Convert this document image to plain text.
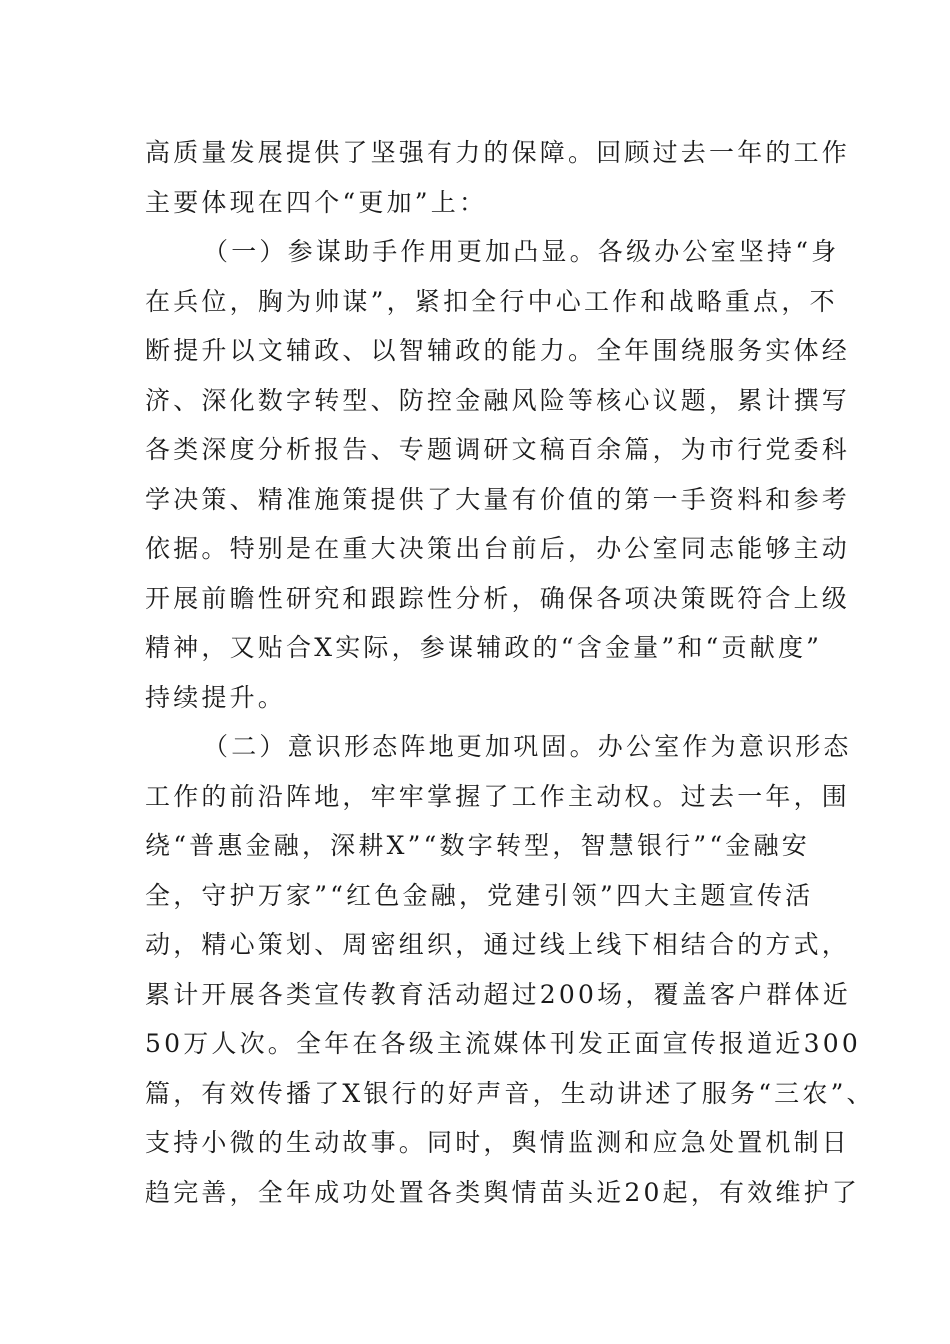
高质量发展提供了坚强有力的保障。回顾过去一年的工作
主要体现在四个“更加”上：
（一）参谋助手作用更加凸显。各级办公室坚持“身
在兵位，胸为帅谋”，紧扣全行中心工作和战略重点，不
断提升以文辅政、以智辅政的能力。全年围绕服务实体经
济、深化数字转型、防控金融风险等核心议题，累计撰写
各类深度分析报告、专题调研文稿百余篇，为市行党委科
学决策、精准施策提供了大量有价值的第一手资料和参考
依据。特别是在重大决策出台前后，办公室同志能够主动
开展前瞻性研究和跟踪性分析，确保各项决策既符合上级
精神，又贴合X实际，参谋辅政的“含金量”和“贡献度”
持续提升。
（二）意识形态阵地更加巩固。办公室作为意识形态
工作的前沿阵地，牢牢掌握了工作主动权。过去一年，围
绕“普惠金融，深耕X”“数字转型，智慧银行”“金融安
全，守护万家”“红色金融，党建引领”四大主题宣传活
动，精心策划、周密组织，通过线上线下相结合的方式，
累计开展各类宣传教育活动超过200场，覆盖客户群体近
50万人次。全年在各级主流媒体刊发正面宣传报道近300
篇，有效传播了X银行的好声音，生动讲述了服务“三农”、
支持小微的生动故事。同时，舆情监测和应急处置机制日
趋完善，全年成功处置各类舆情苗头近20起，有效维护了
